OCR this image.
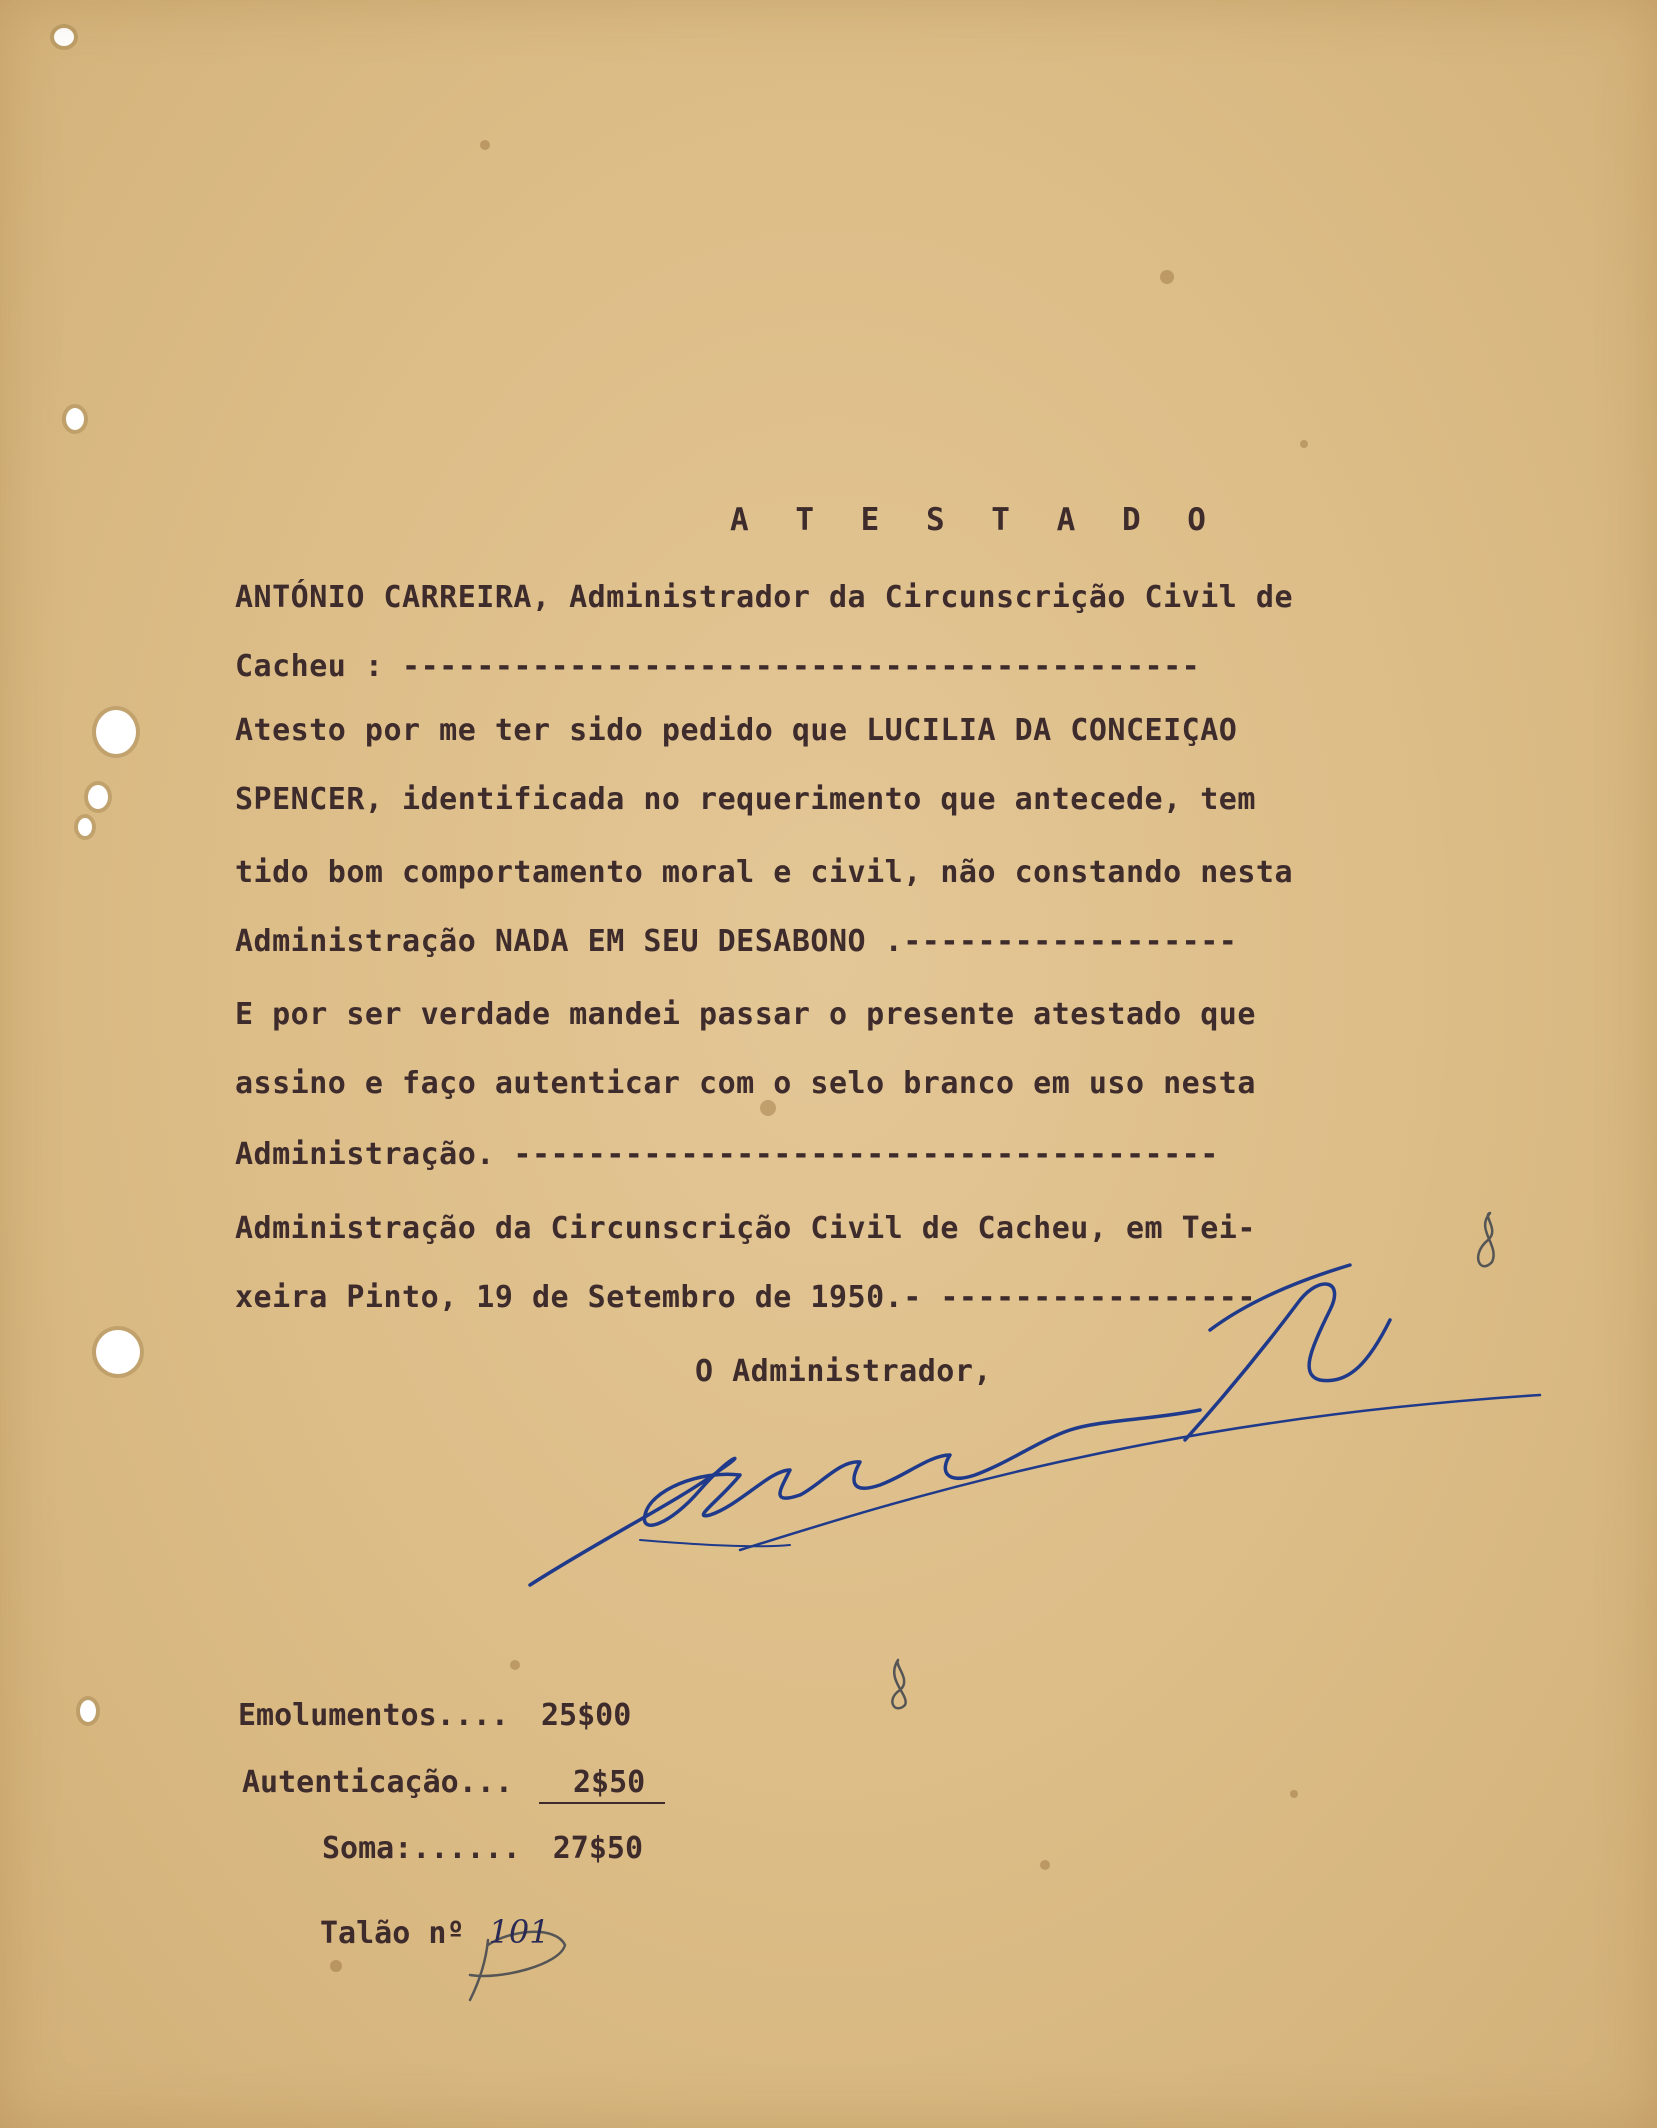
A T E S T A D O
ANTÓNIO CARREIRA, Administrador da Circunscrição Civil de
Cacheu : -------------------------------------------
Atesto por me ter sido pedido que LUCILIA DA CONCEIÇAO
SPENCER, identificada no requerimento que antecede, tem
tido bom comportamento moral e civil, não constando nesta
Administração NADA EM SEU DESABONO .------------------
E por ser verdade mandei passar o presente atestado que
assino e faço autenticar com o selo branco em uso nesta
Administração. --------------------------------------
Administração da Circunscrição Civil de Cacheu, em Tei-
xeira Pinto, 19 de Setembro de 1950.- -----------------
O Administrador,
Emolumentos.... 25$00
Autenticação... 2$50
Soma:...... 27$50
Talão nº 101
